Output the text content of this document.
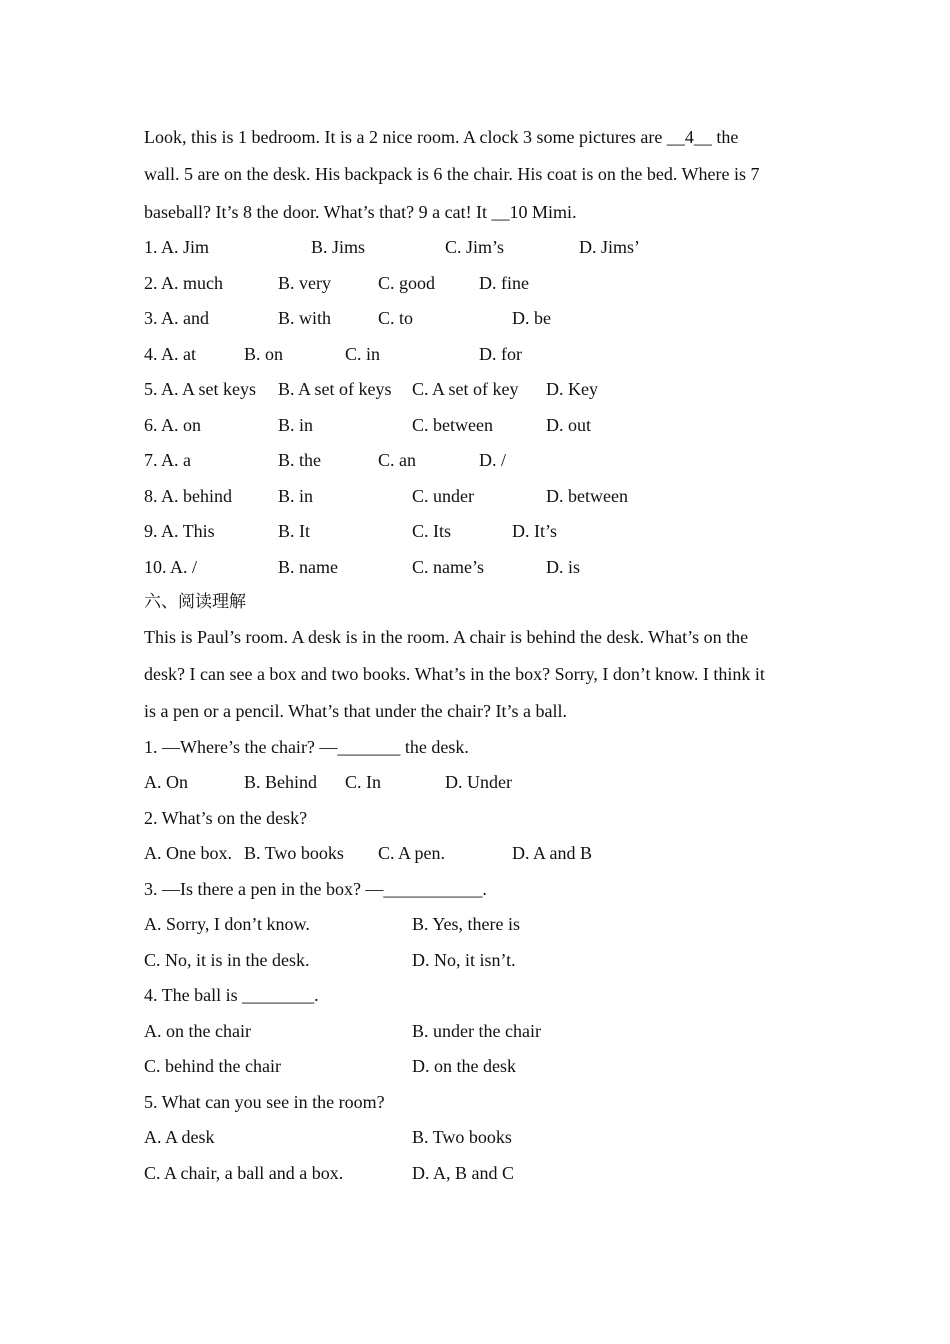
Look, this is 1 bedroom. It is a 2 nice room. A clock 3 some pictures are __4__ the
wall. 5 are on the desk. His backpack is 6 the chair. His coat is on the bed. Where is 7
baseball? It’s 8 the door. What’s that? 9 a cat! It __10 Mimi.
1. A. Jim	B. Jims	C. Jim’s	D. Jims’
2. A. much	B. very	C. good D. fine
3. A. and	B. with	C. to	D. be
4. A. at	B. on	C. in	D. for
5. A. A set keys B. A set of keys C. A set of key D. Key
6. A. on	B. in	C. between	D. out
7. A. a	B. the	C. an	D. /
8. A. behind	B. in	C. under	D. between
9. A. This	B. It	C. Its	D. It’s
10. A. /	B. name	C. name’s	D. is
六、阅读理解
This is Paul’s room. A desk is in the room. A chair is behind the desk. What’s on the
desk? I can see a box and two books. What’s in the box? Sorry, I don’t know. I think it
is a pen or a pencil. What’s that under the chair? It’s a ball.
1. —Where’s the chair? —_______ the desk.
A. On	B. Behind C. In	D. Under
2. What’s on the desk?
A. One box. B. Two books C. A pen.	D. A and B
3. —Is there a pen in the box? —___________.
A. Sorry, I don’t know.	B. Yes, there is
C. No, it is in the desk.	D. No, it isn’t.
4. The ball is ________.
A. on the chair	B. under the chair
C. behind the chair	D. on the desk
5. What can you see in the room?
A. A desk	B. Two books
C. A chair, a ball and a box.	D. A, B and C
